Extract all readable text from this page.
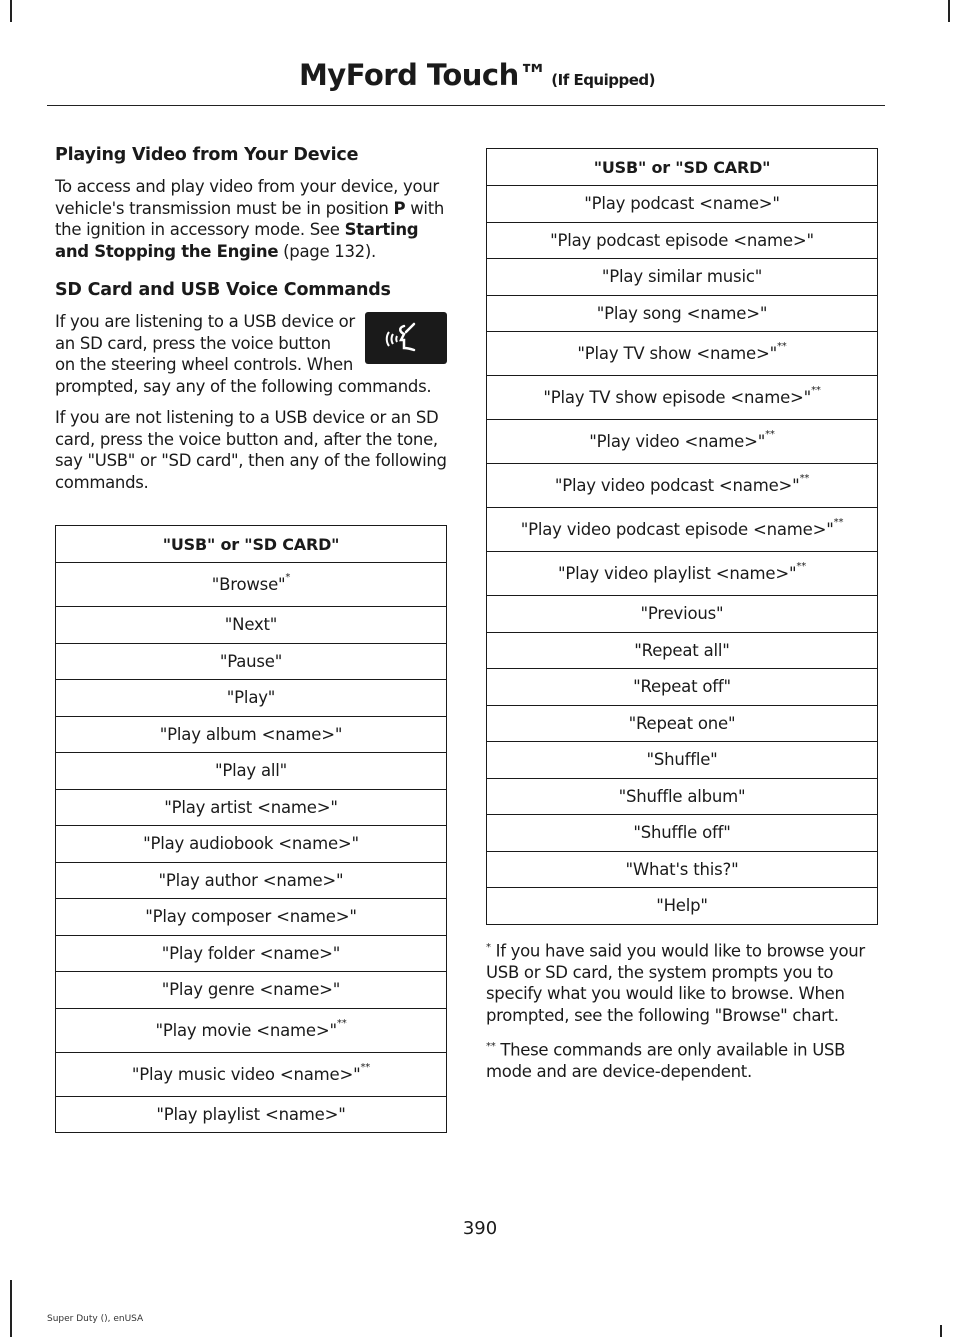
MyFord Touch™ (If Equipped)
Playing Video from Your Device

To access and play video from your device, your vehicle's transmission must be in position P with the ignition in accessory mode. See Starting and Stopping the Engine (page 132).

SD Card and USB Voice Commands

If you are listening to a USB device or an SD card, press the voice button on the steering wheel controls. When prompted, say any of the following commands.

If you are not listening to a USB device or an SD card, press the voice button and, after the tone, say "USB" or "SD card", then any of the following commands.

"USB" or "SD CARD"
"Browse"*
"Next"
"Pause"
"Play"
"Play album <name>"
"Play all"
"Play artist <name>"
"Play audiobook <name>"
"Play author <name>"
"Play composer <name>"
"Play folder <name>"
"Play genre <name>"
"Play movie <name>"**
"Play music video <name>"**
"Play playlist <name>"
"USB" or "SD CARD"
"Play podcast <name>"
"Play podcast episode <name>"
"Play similar music"
"Play song <name>"
"Play TV show <name>"**
"Play TV show episode <name>"**
"Play video <name>"**
"Play video podcast <name>"**
"Play video podcast episode <name>"**
"Play video playlist <name>"**
"Previous"
"Repeat all"
"Repeat off"
"Repeat one"
"Shuffle"
"Shuffle album"
"Shuffle off"
"What's this?"
"Help"

* If you have said you would like to browse your USB or SD card, the system prompts you to specify what you would like to browse. When prompted, see the following "Browse" chart.

** These commands are only available in USB mode and are device-dependent.

390
Super Duty (), enUSA
